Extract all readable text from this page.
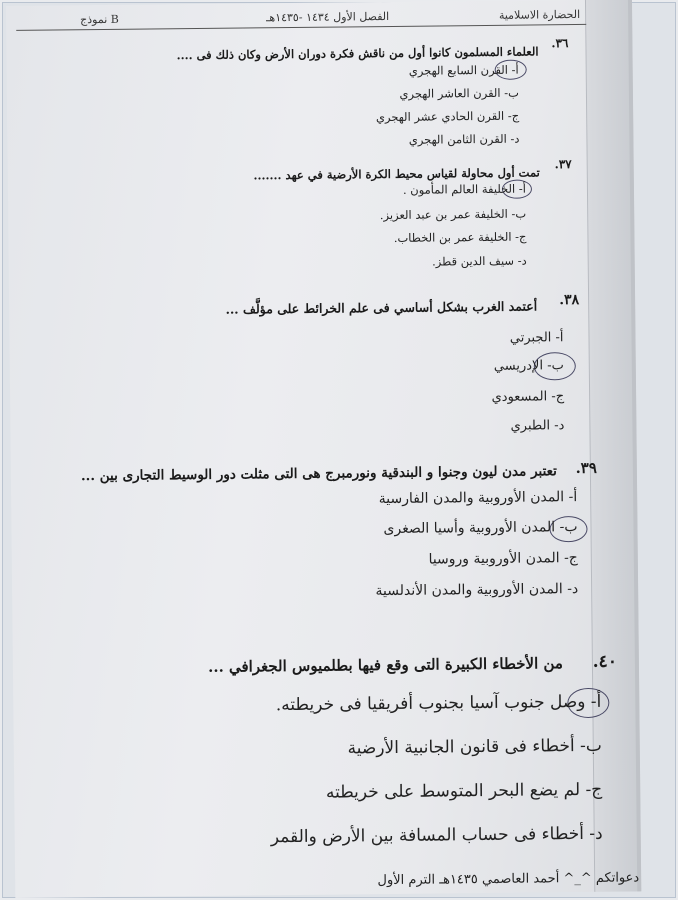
الحضارة الاسلامية
الفصل الأول ١٤٣٤ -١٤٣٥هـ
نموذج B
٣٦.
العلماء المسلمون كانوا أول من ناقش فكرة دوران الأرض وكان ذلك فى ....
أ- القرن السابع الهجري
ب- القرن العاشر الهجري
ج- القرن الحادي عشر الهجري
د- القرن الثامن الهجري
٣٧.
تمت أول محاولة لقياس محيط الكرة الأرضية في عهد .......
أ- الخليفة العالم المأمون .
ب- الخليفة عمر بن عبد العزيز.
ج- الخليفة عمر بن الخطاب.
د- سيف الدين قطز.
٣٨.
أعتمد الغرب بشكل أساسي فى علم الخرائط على مؤلَّف ...
أ- الجبرتي
ب- الإدريسي
ج- المسعودي
د- الطبري
٣٩.
تعتبر مدن ليون وجنوا و البندقية ونورمبرج هى التى مثلت دور الوسيط التجارى بين ...
أ- المدن الأوروبية والمدن الفارسية
ب- المدن الأوروبية وأسيا الصغرى
ج- المدن الأوروبية وروسيا
د- المدن الأوروبية والمدن الأندلسية
٤٠.
من الأخطاء الكبيرة التى وقع فيها بطلميوس الجغرافي ...
أ- وصل جنوب آسيا بجنوب أفريقيا فى خريطته.
ب- أخطاء فى قانون الجانبية الأرضية
ج- لم يضع البحر المتوسط على خريطته
د- أخطاء فى حساب المسافة بين الأرض والقمر
دعواتكم ^_^ أحمد العاصمي ١٤٣٥هـ الترم الأول
